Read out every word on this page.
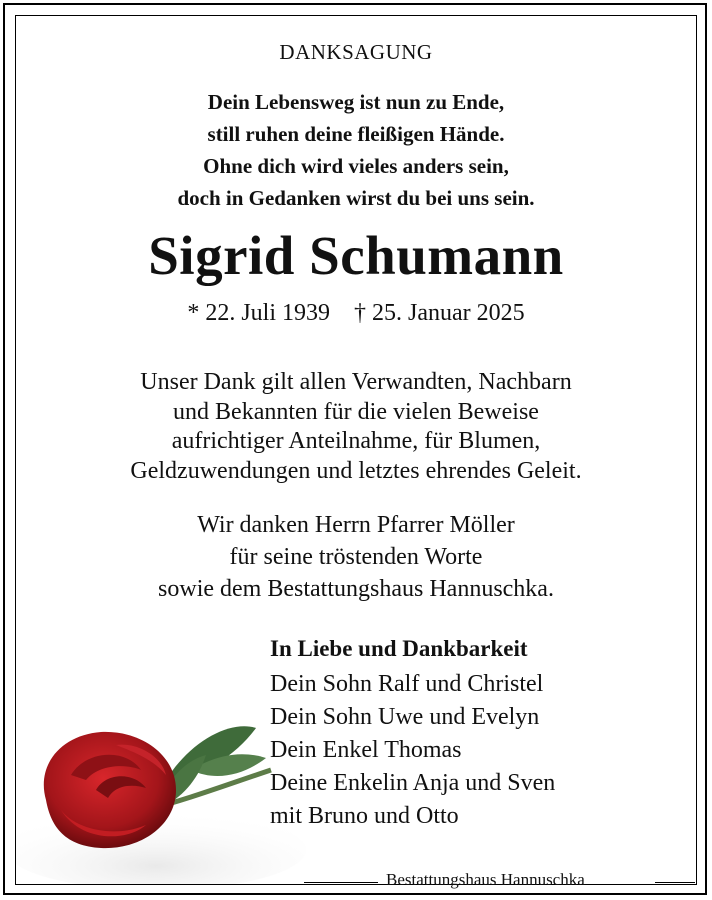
DANKSAGUNG
Dein Lebensweg ist nun zu Ende,
still ruhen deine fleißigen Hände.
Ohne dich wird vieles anders sein,
doch in Gedanken wirst du bei uns sein.
Sigrid Schumann
* 22. Juli 1939    † 25. Januar 2025
Unser Dank gilt allen Verwandten, Nachbarn
und Bekannten für die vielen Beweise
aufrichtiger Anteilnahme, für Blumen,
Geldzuwendungen und letztes ehrendes Geleit.
Wir danken Herrn Pfarrer Möller
für seine tröstenden Worte
sowie dem Bestattungshaus Hannuschka.
In Liebe und Dankbarkeit
Dein Sohn Ralf und Christel
Dein Sohn Uwe und Evelyn
Dein Enkel Thomas
Deine Enkelin Anja und Sven
mit Bruno und Otto
Bestattungshaus Hannuschka
